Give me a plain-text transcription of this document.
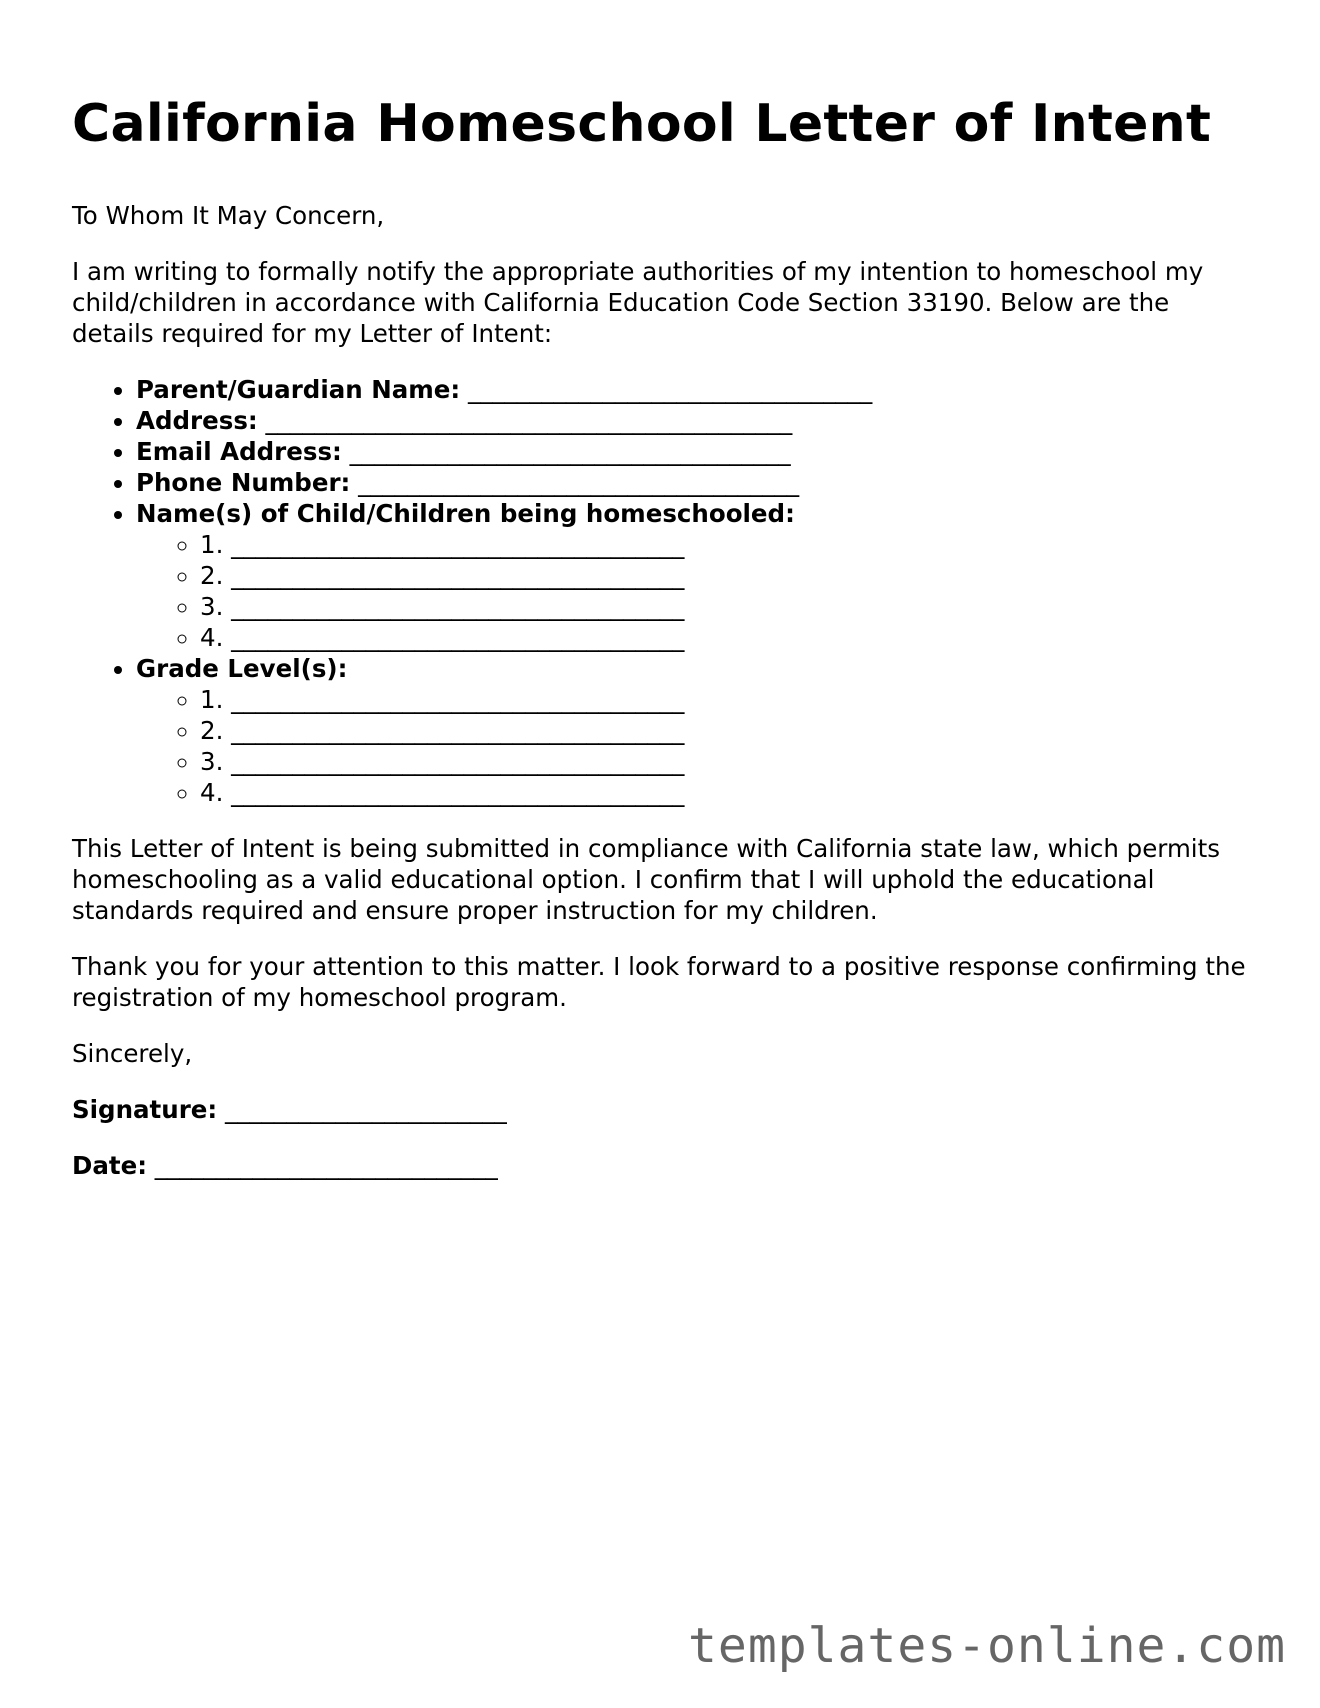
California Homeschool Letter of Intent

To Whom It May Concern,

I am writing to formally notify the appropriate authorities of my intention to homeschool my child/children in accordance with California Education Code Section 33190. Below are the details required for my Letter of Intent:

• Parent/Guardian Name: _________________________________
• Address: ___________________________________________
• Email Address: ____________________________________
• Phone Number: ____________________________________
• Name(s) of Child/Children being homeschooled:
◦ 1. _____________________________________
◦ 2. _____________________________________
◦ 3. _____________________________________
◦ 4. _____________________________________
• Grade Level(s):
◦ 1. _____________________________________
◦ 2. _____________________________________
◦ 3. _____________________________________
◦ 4. _____________________________________

This Letter of Intent is being submitted in compliance with California state law, which permits homeschooling as a valid educational option. I confirm that I will uphold the educational standards required and ensure proper instruction for my children.

Thank you for your attention to this matter. I look forward to a positive response confirming the registration of my homeschool program.

Sincerely,

Signature: _______________________

Date: ____________________________

templates-online.com
